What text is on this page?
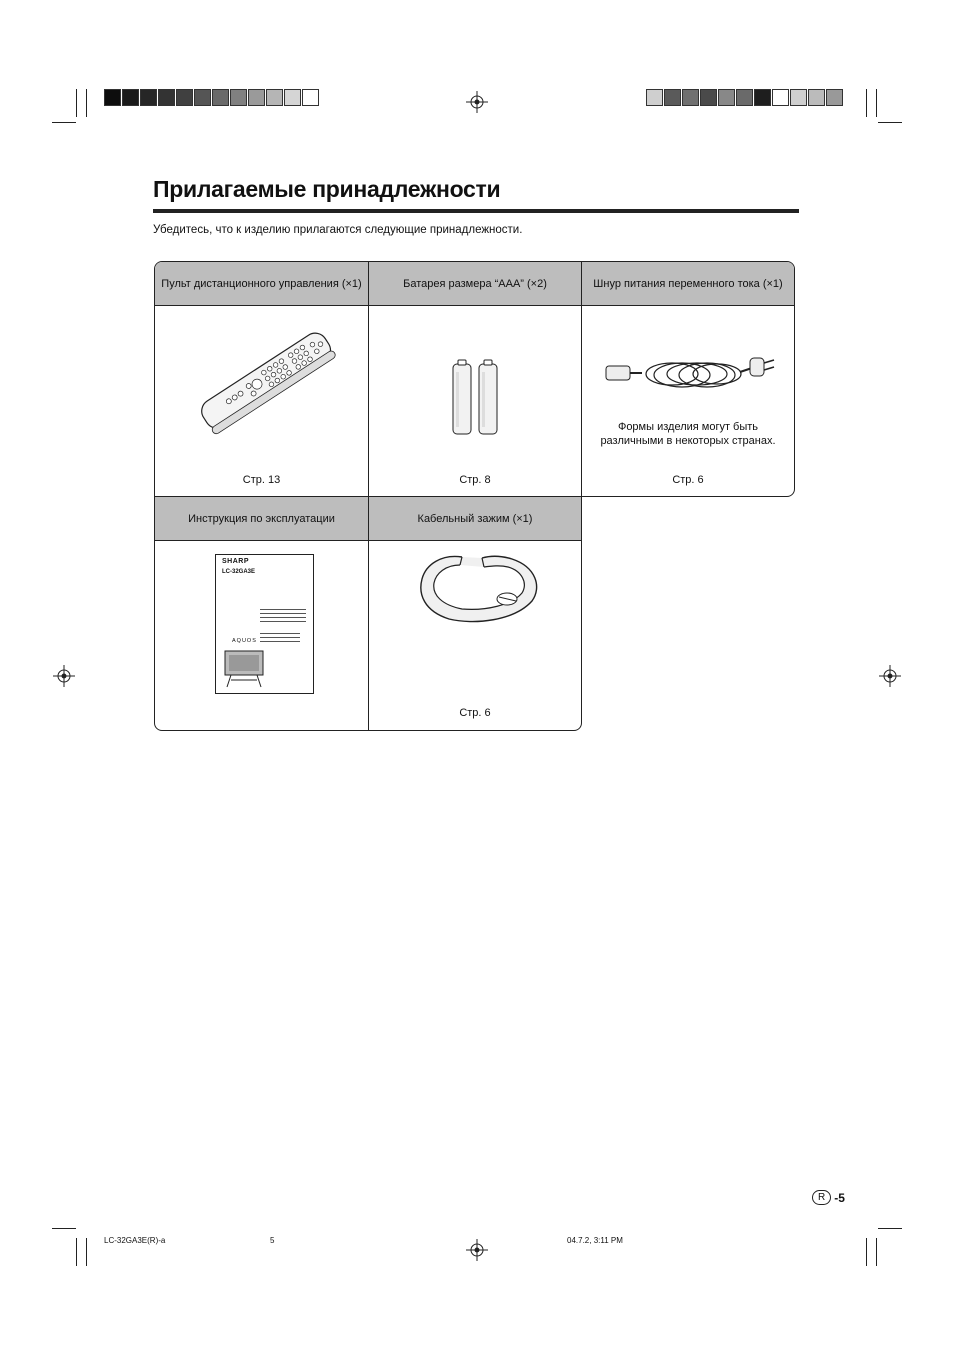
Прилагаемые принадлежности
Убедитесь, что к изделию прилагаются следующие принадлежности.
Пульт дистанционного управления (×1)
Стр. 13
Батарея размера “AAA” (×2)
Стр. 8
Шнур питания переменного тока (×1)
Формы изделия могут быть различными в некоторых странах.
Стр. 6
Инструкция по эксплуатации
SHARP
LC-32GA3E
AQUOS
Кабельный зажим (×1)
Стр. 6
R -5
LC-32GA3E(R)-a	5	04.7.2, 3:11 PM
